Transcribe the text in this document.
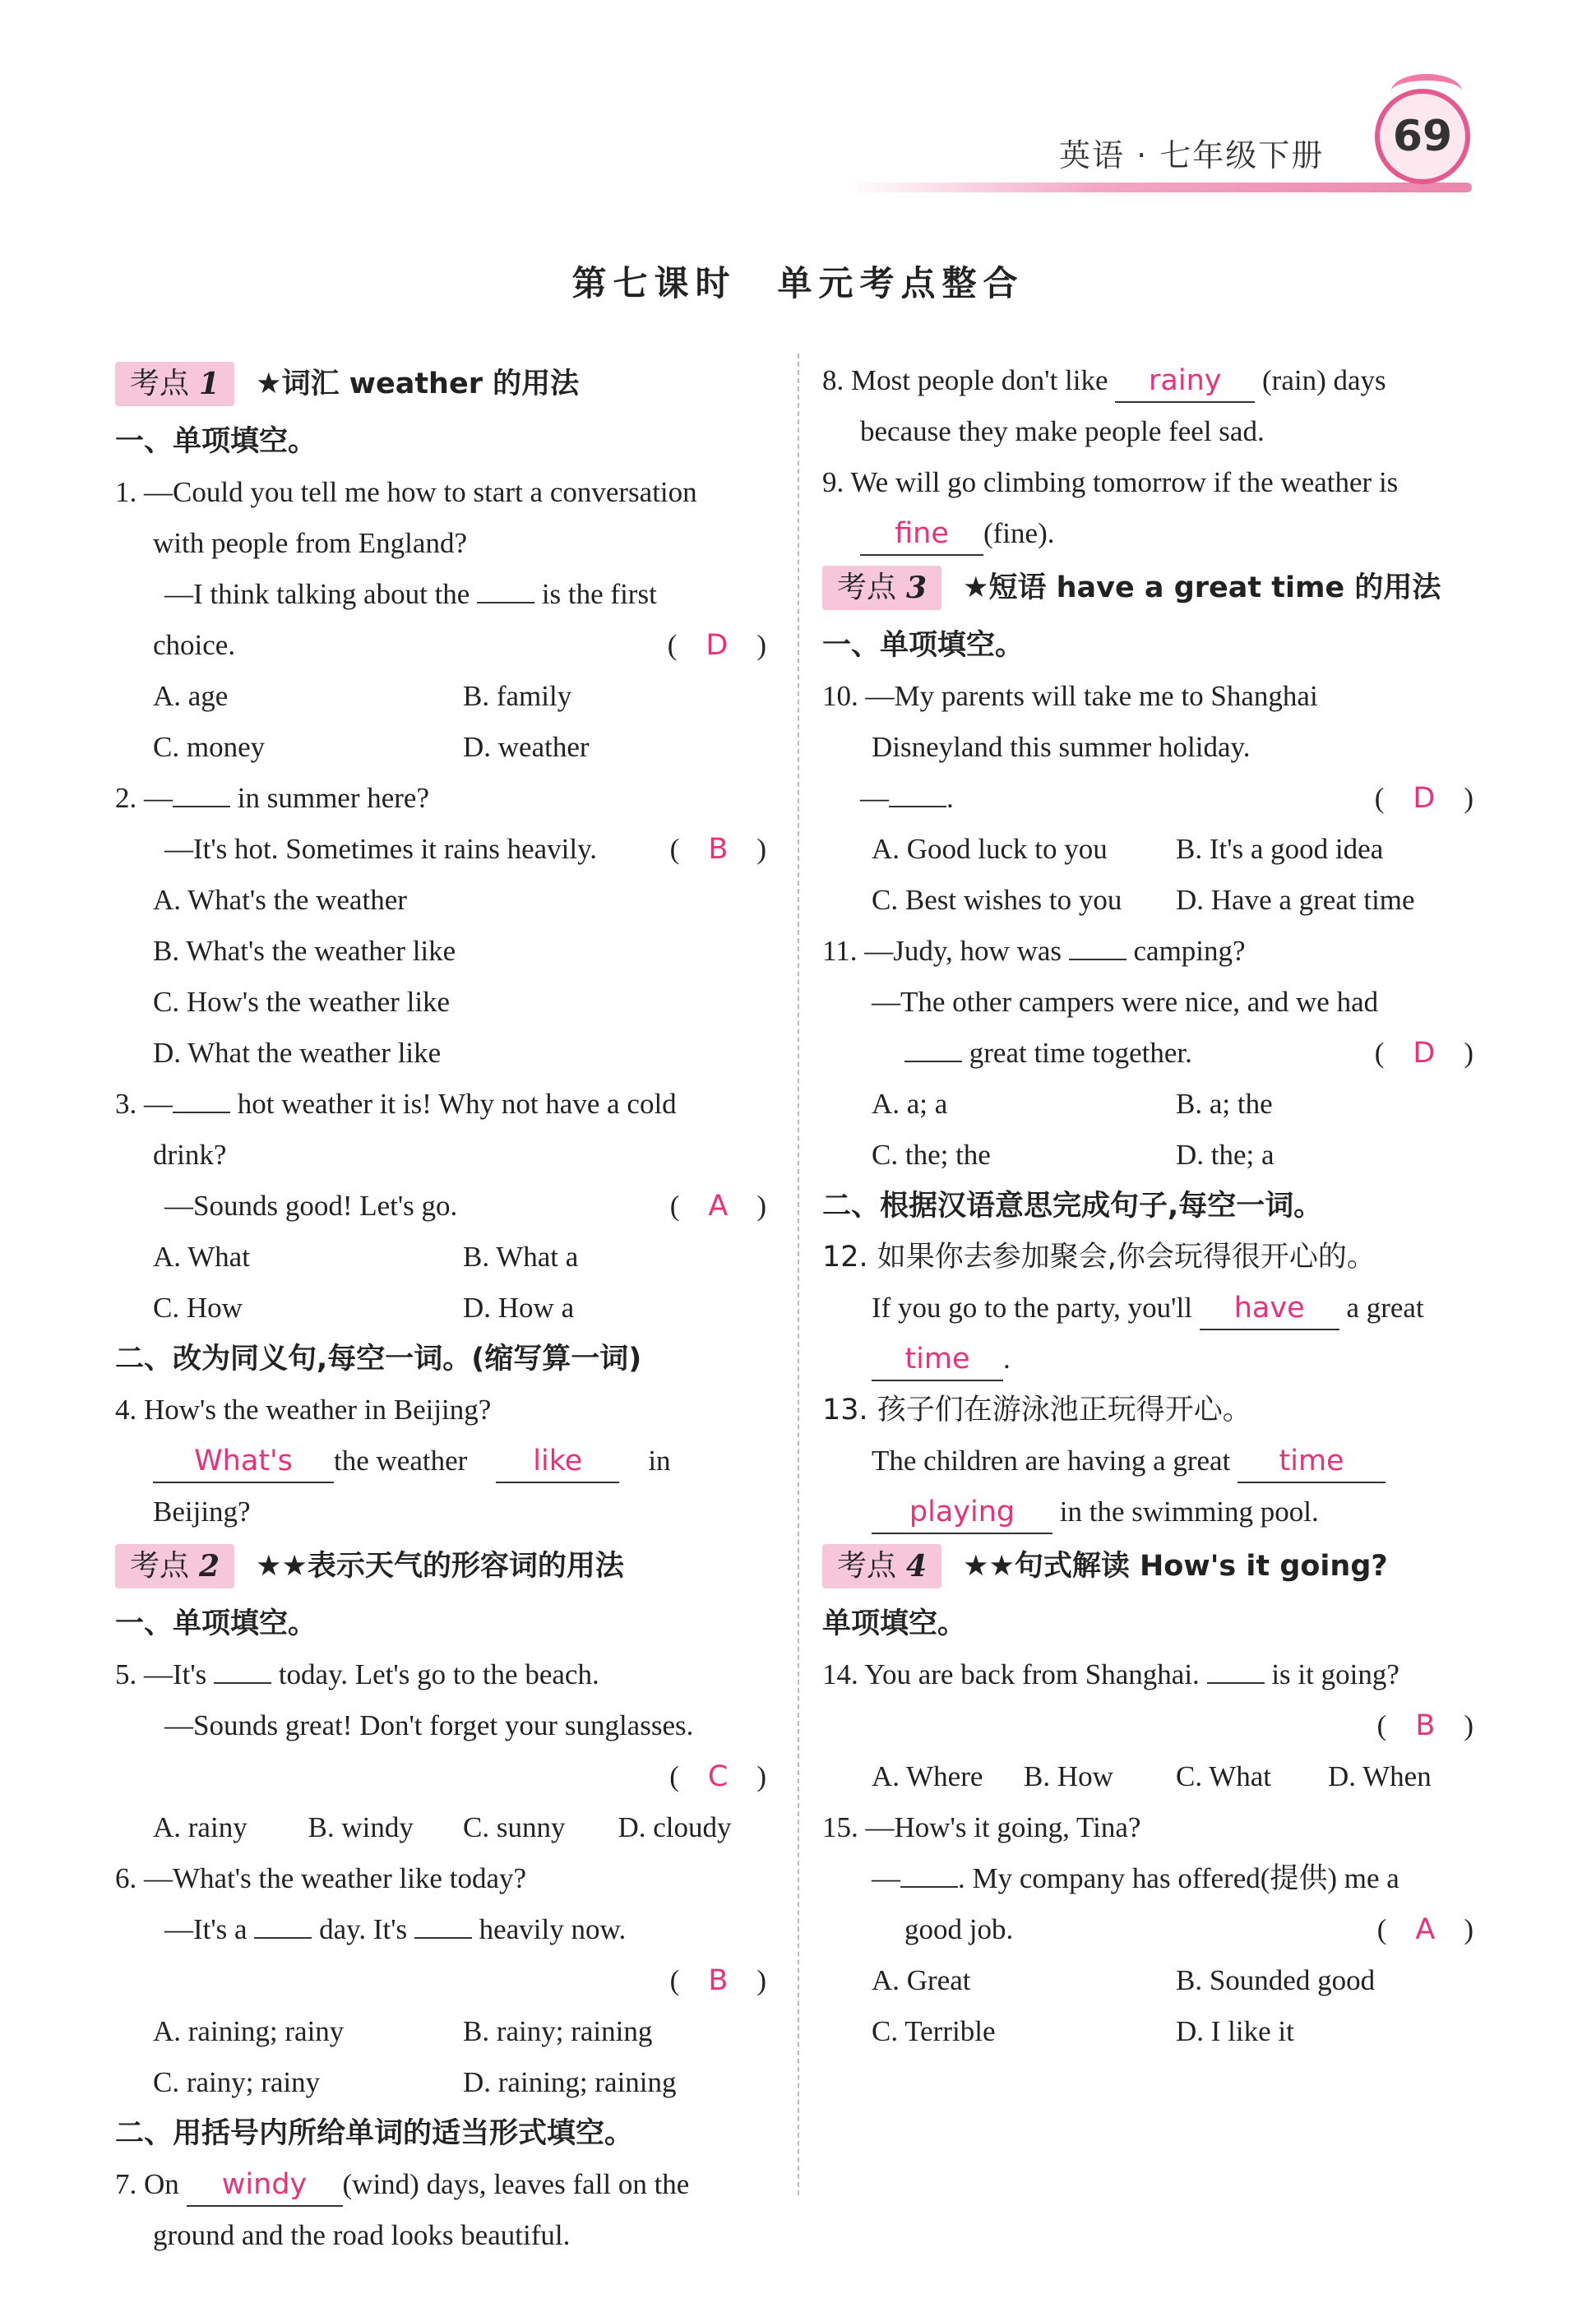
英语 · 七年级下册	69
第七课时　单元考点整合
考点 1 ★词汇 weather 的用法
一、单项填空。
1. —Could you tell me how to start a conversation
with people from England?
—I think talking about the	is the first
choice.	(　D　)
A. age	B. family
C. money	D. weather
2. — in summer here?
—It's hot. Sometimes it rains heavily.	(　B　)
A. What's the weather
B. What's the weather like
C. How's the weather like
D. What the weather like
3. — hot weather it is! Why not have a cold
drink?
—Sounds good! Let's go.	(　A　)
A. What	B. What a
C. How	D. How a
二、改为同义句,每空一词。(缩写算一词)
4. How's the weather in Beijing?
What's the weather　 like　 in Beijing?
考点 2 ★★表示天气的形容词的用法
一、单项填空。
5. —It's	today. Let's go to the beach.
—Sounds great! Don't forget your sunglasses.
(　C　)
A. rainy	B. windy	C. sunny	D. cloudy
6. —What's the weather like today?
—It's a	day. It's	heavily now.
(　B　)
A. raining; rainy	B. rainy; raining
C. rainy; rainy	D. raining; raining
二、用括号内所给单词的适当形式填空。
7. On windy (wind) days, leaves fall on the
ground and the road looks beautiful.
8. Most people don't like rainy (rain) days
because they make people feel sad.
9. We will go climbing tomorrow if the weather is
fine (fine).
考点 3 ★短语 have a great time 的用法
一、单项填空。
10. —My parents will take me to Shanghai
Disneyland this summer holiday.
— .	(　D　)
A. Good luck to you	B. It's a good idea
C. Best wishes to you	D. Have a great time
11. —Judy, how was	camping?
—The other campers were nice, and we had
great time together.	(　D　)
A. a; a	B. a; the
C. the; the	D. the; a
二、根据汉语意思完成句子,每空一词。
12. 如果你去参加聚会,你会玩得很开心的。
If you go to the party, you'll have a great
time .
13. 孩子们在游泳池正玩得开心。
The children are having a great time
playing in the swimming pool.
考点 4 ★★句式解读 How's it going?
单项填空。
14. You are back from Shanghai.	is it going?
(　B　)
A. Where	B. How	C. What	D. When
15. —How's it going, Tina?
— . My company has offered(提供) me a
good job.	(　A　)
A. Great	B. Sounded good
C. Terrible	D. I like it
